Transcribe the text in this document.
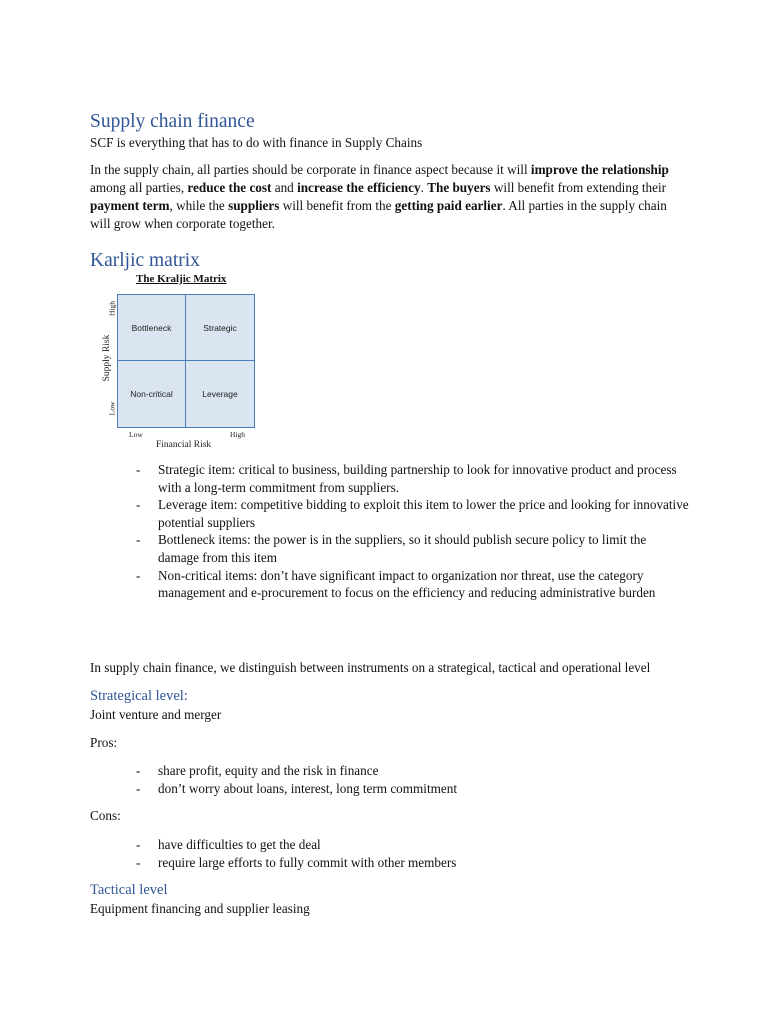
Supply chain finance
SCF is everything that has to do with finance in Supply Chains
In the supply chain, all parties should be corporate in finance aspect because it will improve the relationship among all parties, reduce the cost and increase the efficiency. The buyers will benefit from extending their payment term, while the suppliers will benefit from the getting paid earlier. All parties in the supply chain will grow when corporate together.
Karljic matrix
The Kraljic Matrix
Supply Risk
High
Low
Bottleneck	Strategic
Non-critical	Leverage
Low	High
Financial Risk
- Strategic item: critical to business, building partnership to look for innovative product and process with a long-term commitment from suppliers.
- Leverage item: competitive bidding to exploit this item to lower the price and looking for innovative potential suppliers
- Bottleneck items: the power is in the suppliers, so it should publish secure policy to limit the damage from this item
- Non-critical items: don’t have significant impact to organization nor threat, use the category management and e-procurement to focus on the efficiency and reducing administrative burden
In supply chain finance, we distinguish between instruments on a strategical, tactical and operational level
Strategical level:
Joint venture and merger
Pros:
- share profit, equity and the risk in finance
- don’t worry about loans, interest, long term commitment
Cons:
- have difficulties to get the deal
- require large efforts to fully commit with other members
Tactical level
Equipment financing and supplier leasing
